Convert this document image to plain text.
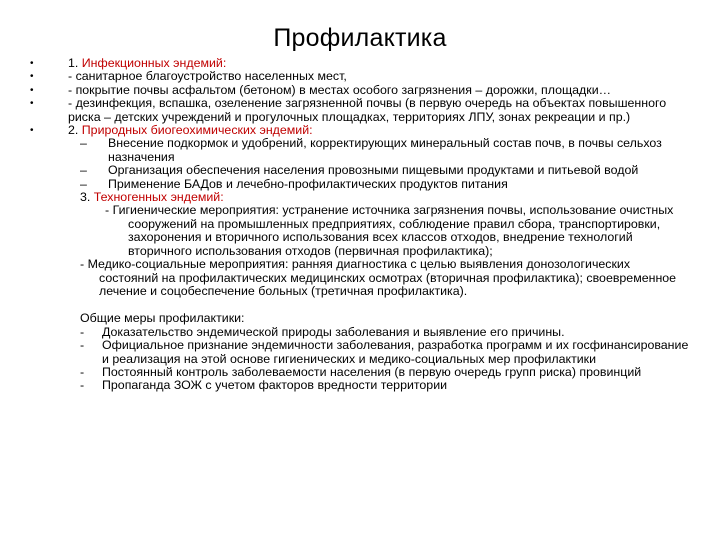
Профилактика
•	1. Инфекционных эндемий:
•	- санитарное благоустройство населенных мест,
•	- покрытие почвы асфальтом (бетоном) в местах особого загрязнения – дорожки, площадки…
•	- дезинфекция, вспашка, озеленение загрязненной почвы (в первую очередь на объектах повышенного риска – детских учреждений и прогулочных площадках, территориях ЛПУ, зонах рекреации и пр.)
•	2. Природных биогеохимических эндемий:
– Внесение подкормок и удобрений, корректирующих минеральный состав почв, в почвы сельхоз назначения
– Организация обеспечения населения провозными пищевыми продуктами и питьевой водой
– Применение БАДов и лечебно-профилактических продуктов питания
3. Техногенных эндемий:
- Гигиенические мероприятия: устранение источника загрязнения почвы, использование очистных сооружений на промышленных предприятиях, соблюдение правил сбора, транспортировки, захоронения и вторичного использования всех классов отходов, внедрение технологий вторичного использования отходов (первичная профилактика);
- Медико-социальные мероприятия: ранняя диагностика с целью выявления донозологических состояний на профилактических медицинских осмотрах (вторичная профилактика); своевременное лечение и соцобеспечение больных (третичная профилактика).
Общие меры профилактики:
- Доказательство эндемической природы заболевания и выявление его причины.
- Официальное признание эндемичности заболевания, разработка программ и их госфинансирование и реализация на этой основе гигиенических и медико-социальных мер профилактики
- Постоянный контроль заболеваемости населения (в первую очередь групп риска) провинций
- Пропаганда ЗОЖ с учетом факторов вредности территории
